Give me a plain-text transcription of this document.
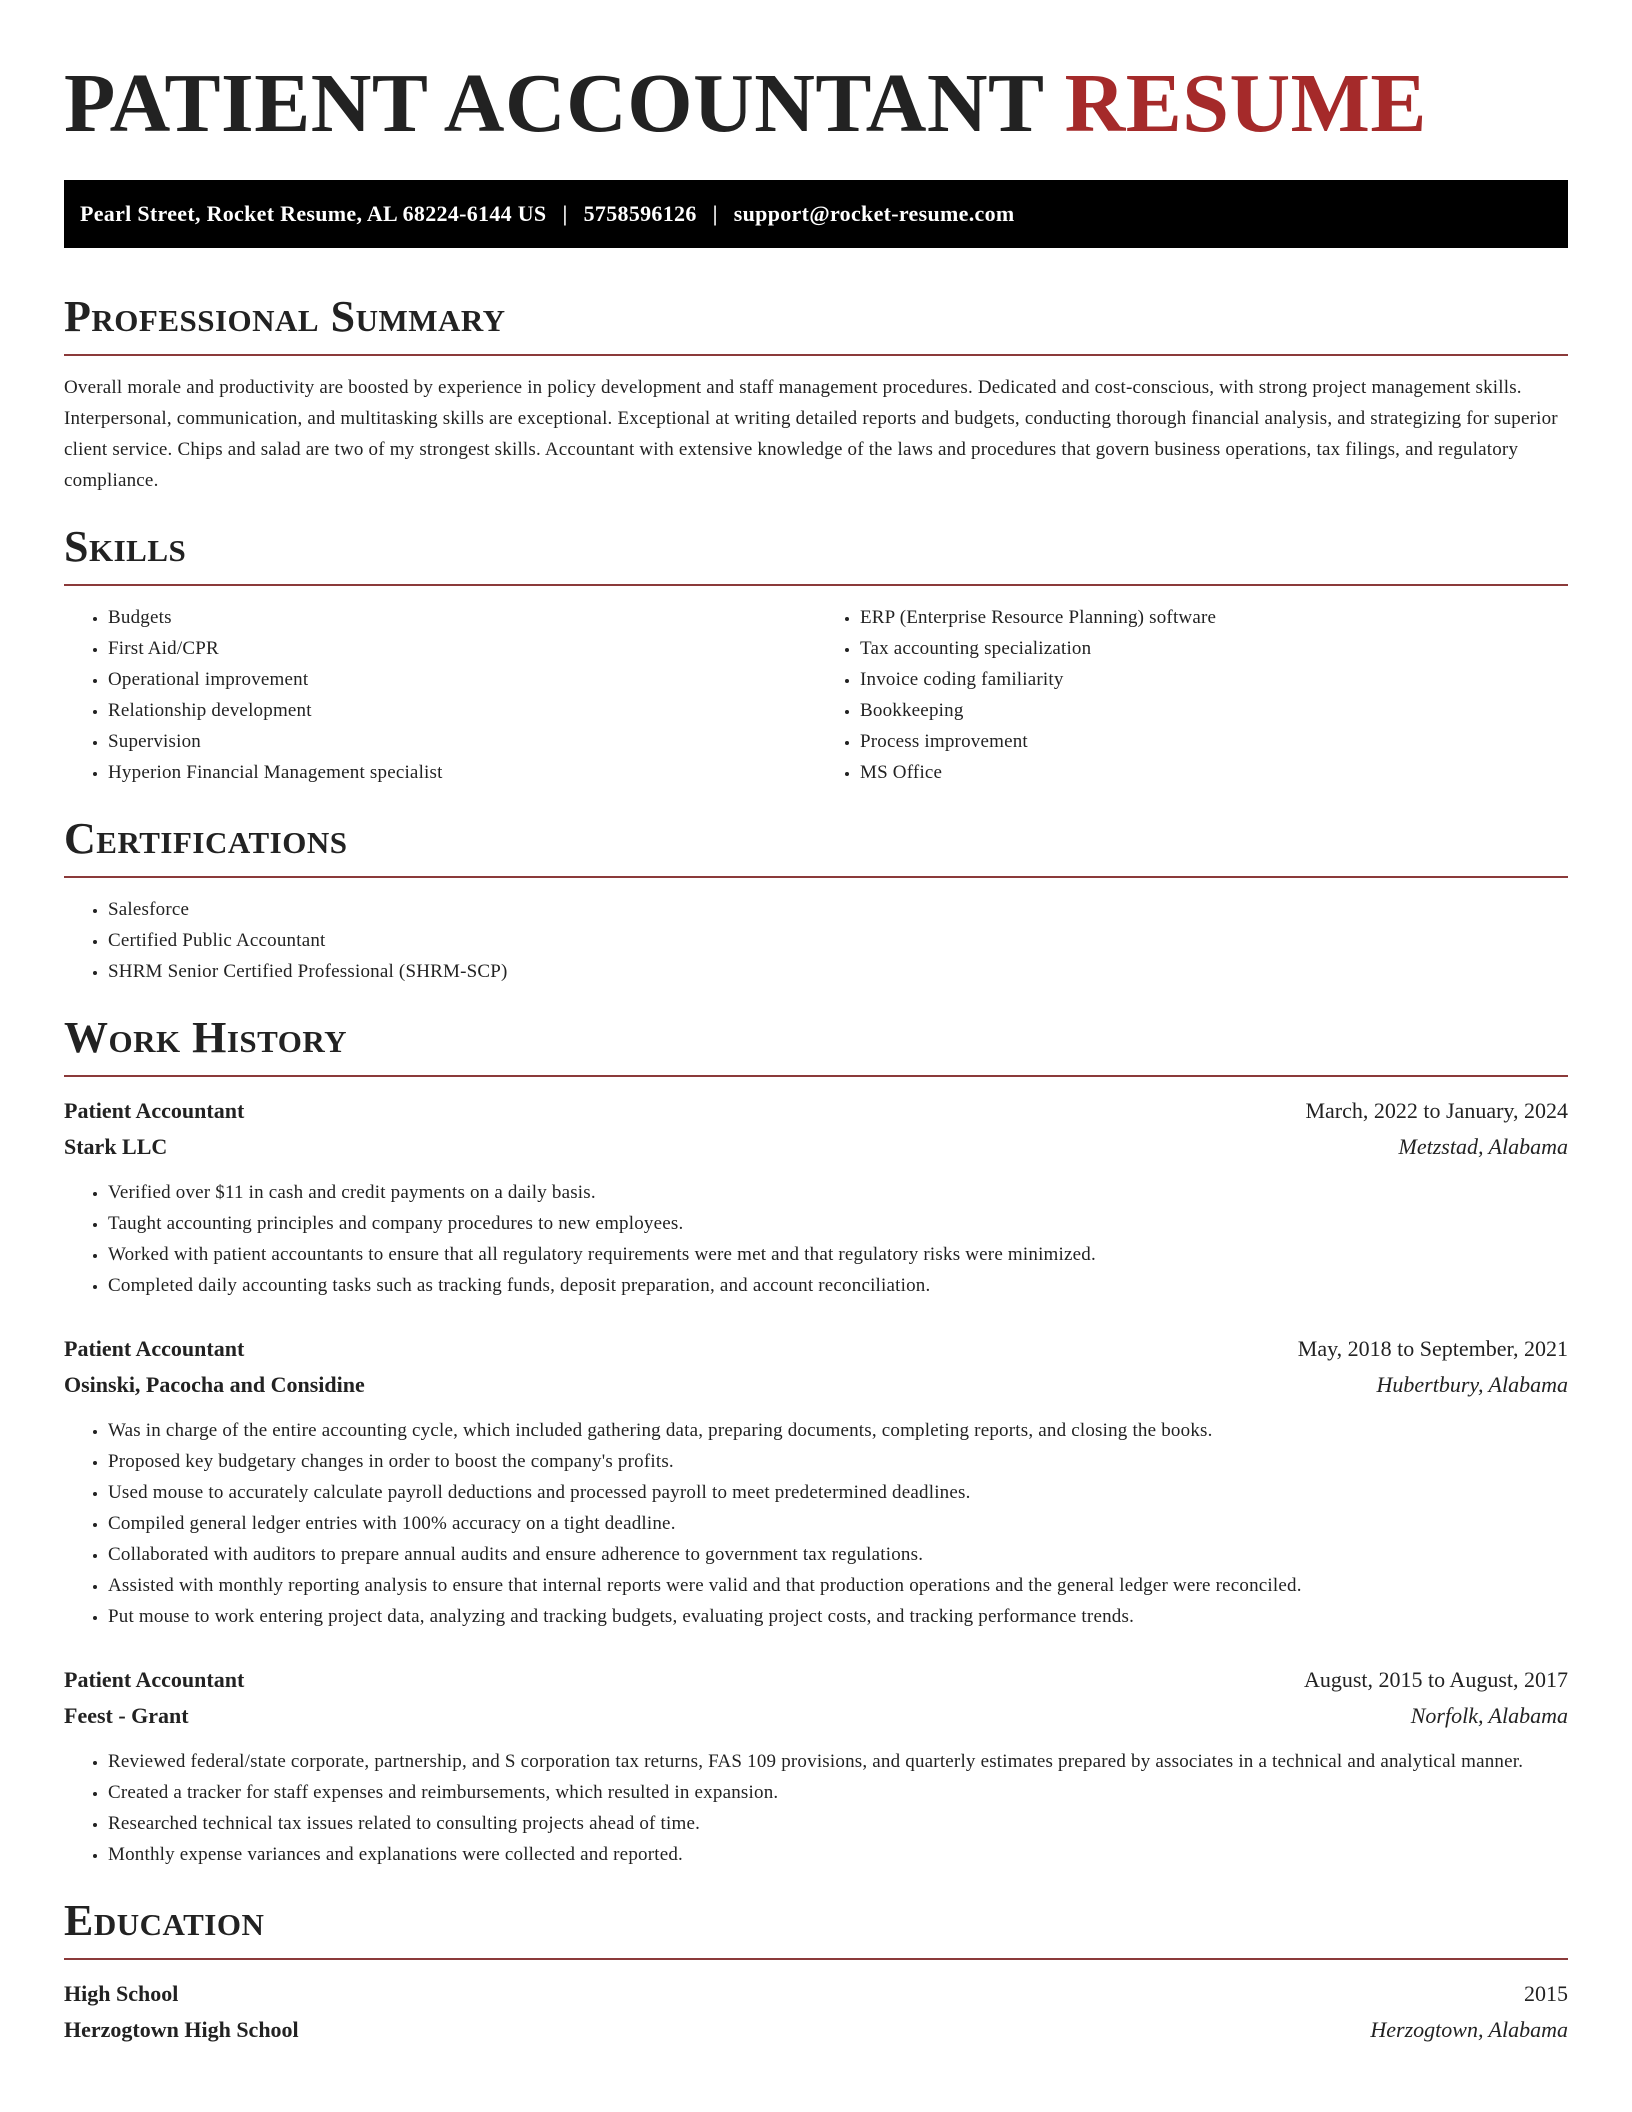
PATIENT ACCOUNTANT RESUME
Pearl Street, Rocket Resume, AL 68224-6144 US | 5758596126 | support@rocket-resume.com
Professional Summary

Overall morale and productivity are boosted by experience in policy development and staff management procedures. Dedicated and cost-conscious, with strong project management skills. Interpersonal, communication, and multitasking skills are exceptional. Exceptional at writing detailed reports and budgets, conducting thorough financial analysis, and strategizing for superior client service. Chips and salad are two of my strongest skills. Accountant with extensive knowledge of the laws and procedures that govern business operations, tax filings, and regulatory compliance.

Skills
• Budgets
• First Aid/CPR
• Operational improvement
• Relationship development
• Supervision
• Hyperion Financial Management specialist
• ERP (Enterprise Resource Planning) software
• Tax accounting specialization
• Invoice coding familiarity
• Bookkeeping
• Process improvement
• MS Office
Certifications
• Salesforce
• Certified Public Accountant
• SHRM Senior Certified Professional (SHRM-SCP)
Work History
Patient Accountant	March, 2022 to January, 2024
Stark LLC	Metzstad, Alabama
• Verified over $11 in cash and credit payments on a daily basis.
• Taught accounting principles and company procedures to new employees.
• Worked with patient accountants to ensure that all regulatory requirements were met and that regulatory risks were minimized.
• Completed daily accounting tasks such as tracking funds, deposit preparation, and account reconciliation.
Patient Accountant	May, 2018 to September, 2021
Osinski, Pacocha and Considine	Hubertbury, Alabama
• Was in charge of the entire accounting cycle, which included gathering data, preparing documents, completing reports, and closing the books.
• Proposed key budgetary changes in order to boost the company's profits.
• Used mouse to accurately calculate payroll deductions and processed payroll to meet predetermined deadlines.
• Compiled general ledger entries with 100% accuracy on a tight deadline.
• Collaborated with auditors to prepare annual audits and ensure adherence to government tax regulations.
• Assisted with monthly reporting analysis to ensure that internal reports were valid and that production operations and the general ledger were reconciled.
• Put mouse to work entering project data, analyzing and tracking budgets, evaluating project costs, and tracking performance trends.
Patient Accountant	August, 2015 to August, 2017
Feest - Grant	Norfolk, Alabama
• Reviewed federal/state corporate, partnership, and S corporation tax returns, FAS 109 provisions, and quarterly estimates prepared by associates in a technical and analytical manner.
• Created a tracker for staff expenses and reimbursements, which resulted in expansion.
• Researched technical tax issues related to consulting projects ahead of time.
• Monthly expense variances and explanations were collected and reported.
Education
High School	2015
Herzogtown High School	Herzogtown, Alabama
